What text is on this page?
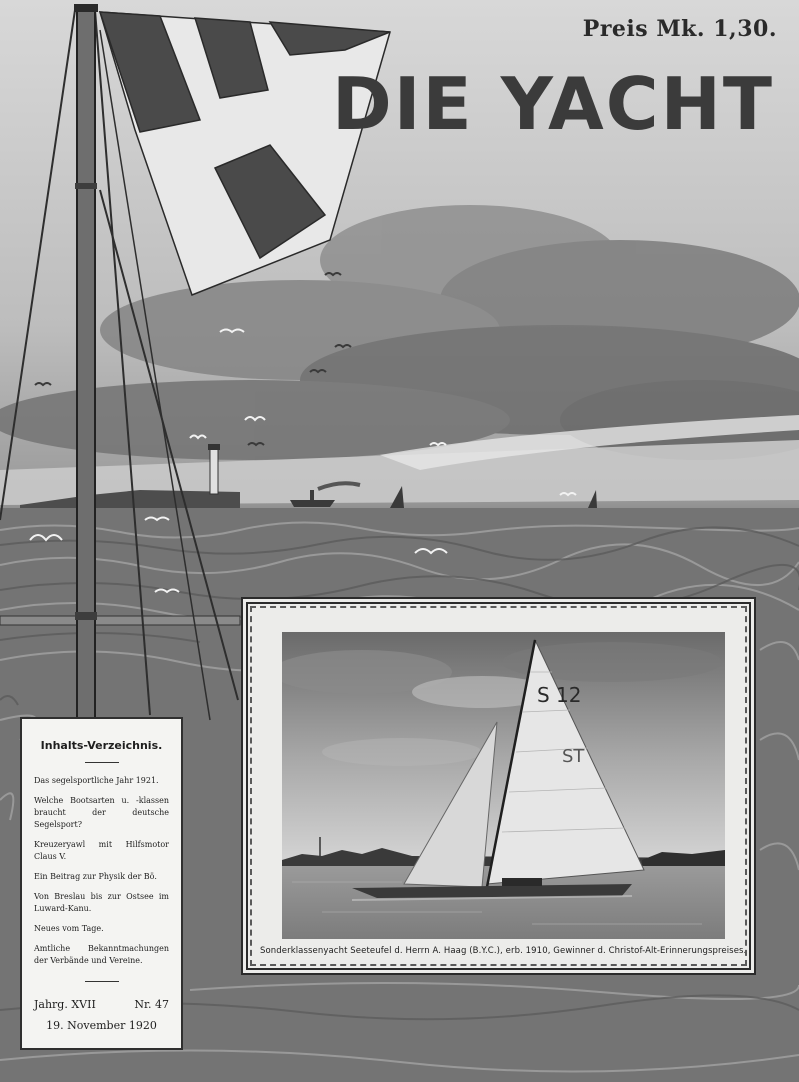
Preis Mk. 1,30.
DIE YACHT
Inhalts-Verzeichnis.
Das segelsportliche Jahr 1921.
Welche Bootsarten u. -klassen braucht der deutsche Segelsport?
Kreuzeryawl mit Hilfsmotor Claus V.
Ein Beitrag zur Physik der Bö.
Von Breslau bis zur Ostsee im Luward-Kanu.
Neues vom Tage.
Amtliche Bekanntmachungen der Verbände und Vereine.
Jahrg. XVII	Nr. 47
19. November 1920
S 12
ST
Sonderklassenyacht Seeteufel d. Herrn A. Haag (B.Y.C.), erb. 1910, Gewinner d. Christof-Alt-Erinnerungspreises.
